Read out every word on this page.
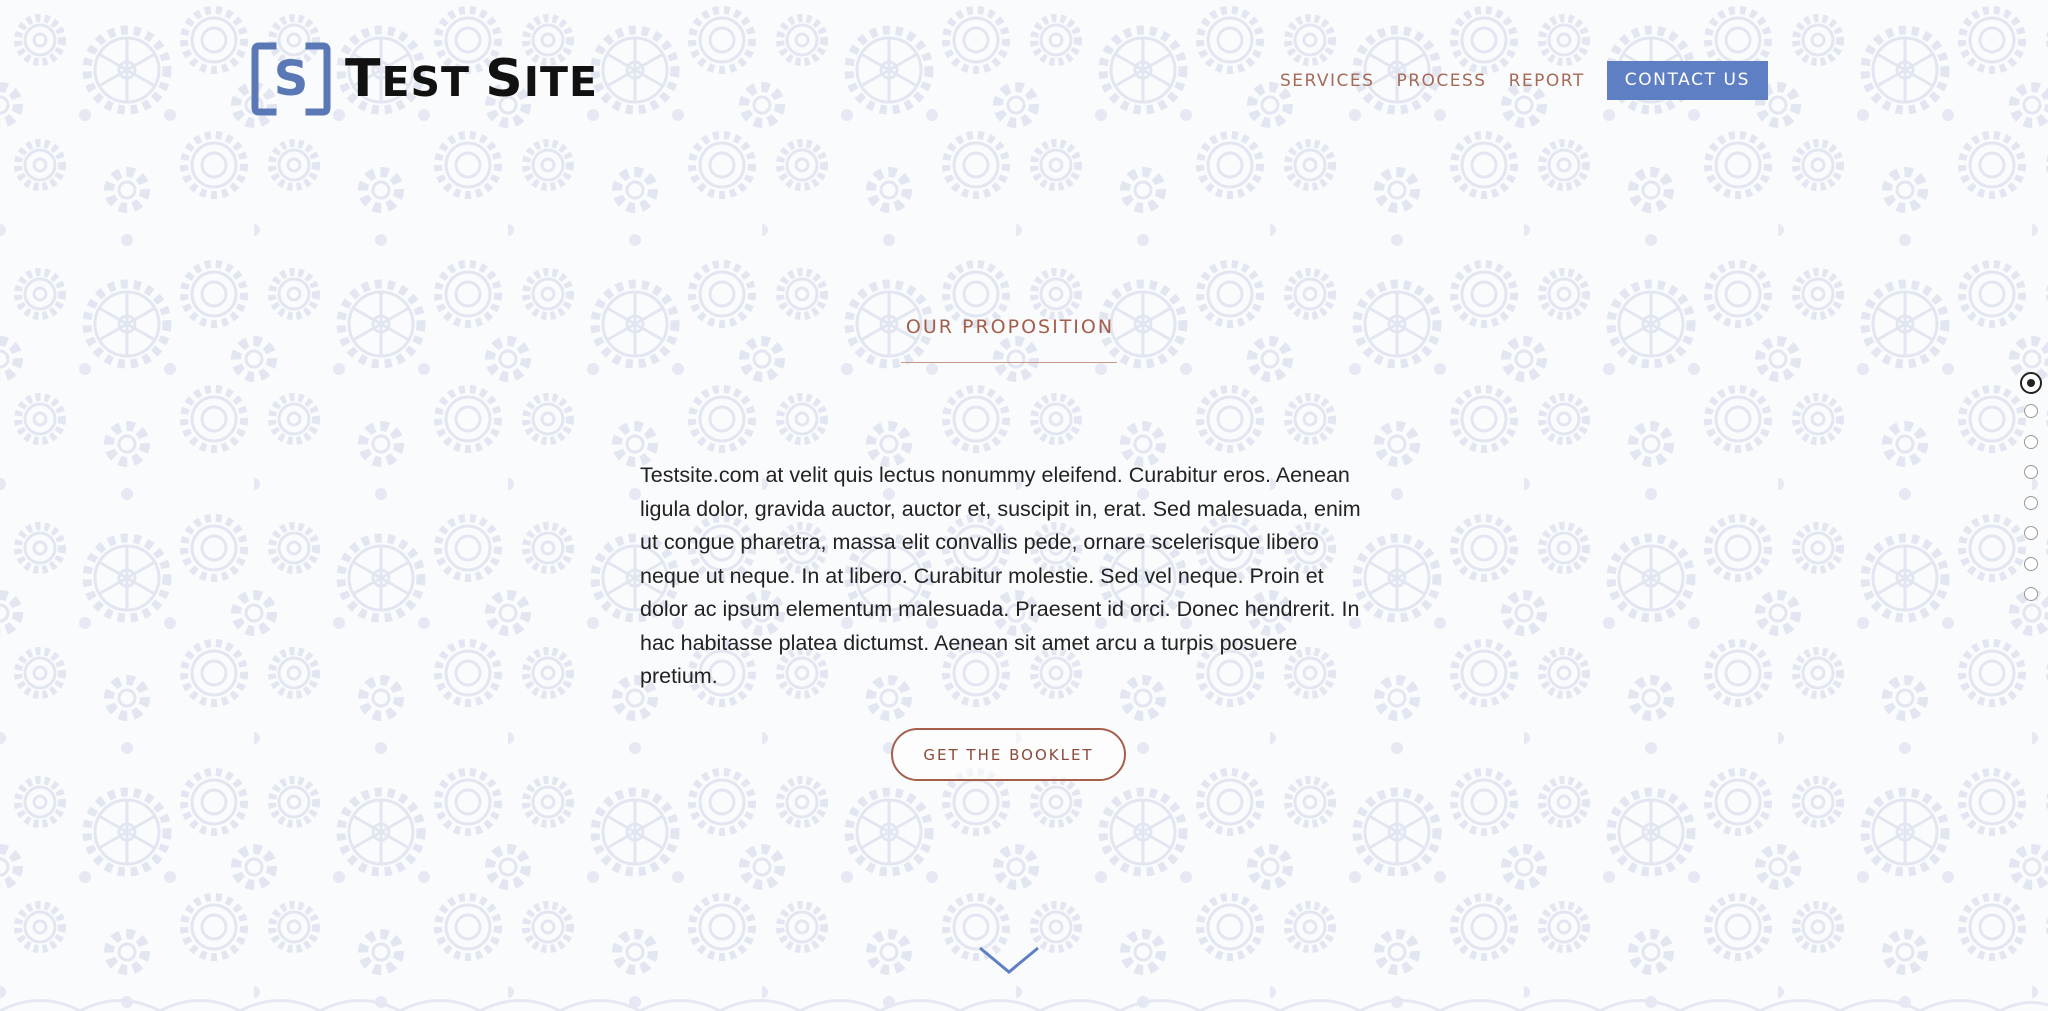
S T EST S ITE	SERVICES PROCESS REPORT	CONTACT US
OUR PROPOSITION

Testsite.com at velit quis lectus nonummy eleifend. Curabitur eros. Aenean ligula dolor, gravida auctor, auctor et, suscipit in, erat. Sed malesuada, enim ut congue pharetra, massa elit convallis pede, ornare scelerisque libero neque ut neque. In at libero. Curabitur molestie. Sed vel neque. Proin et dolor ac ipsum elementum malesuada. Praesent id orci. Donec hendrerit. In hac habitasse platea dictumst. Aenean sit amet arcu a turpis posuere pretium.

GET THE BOOKLET
